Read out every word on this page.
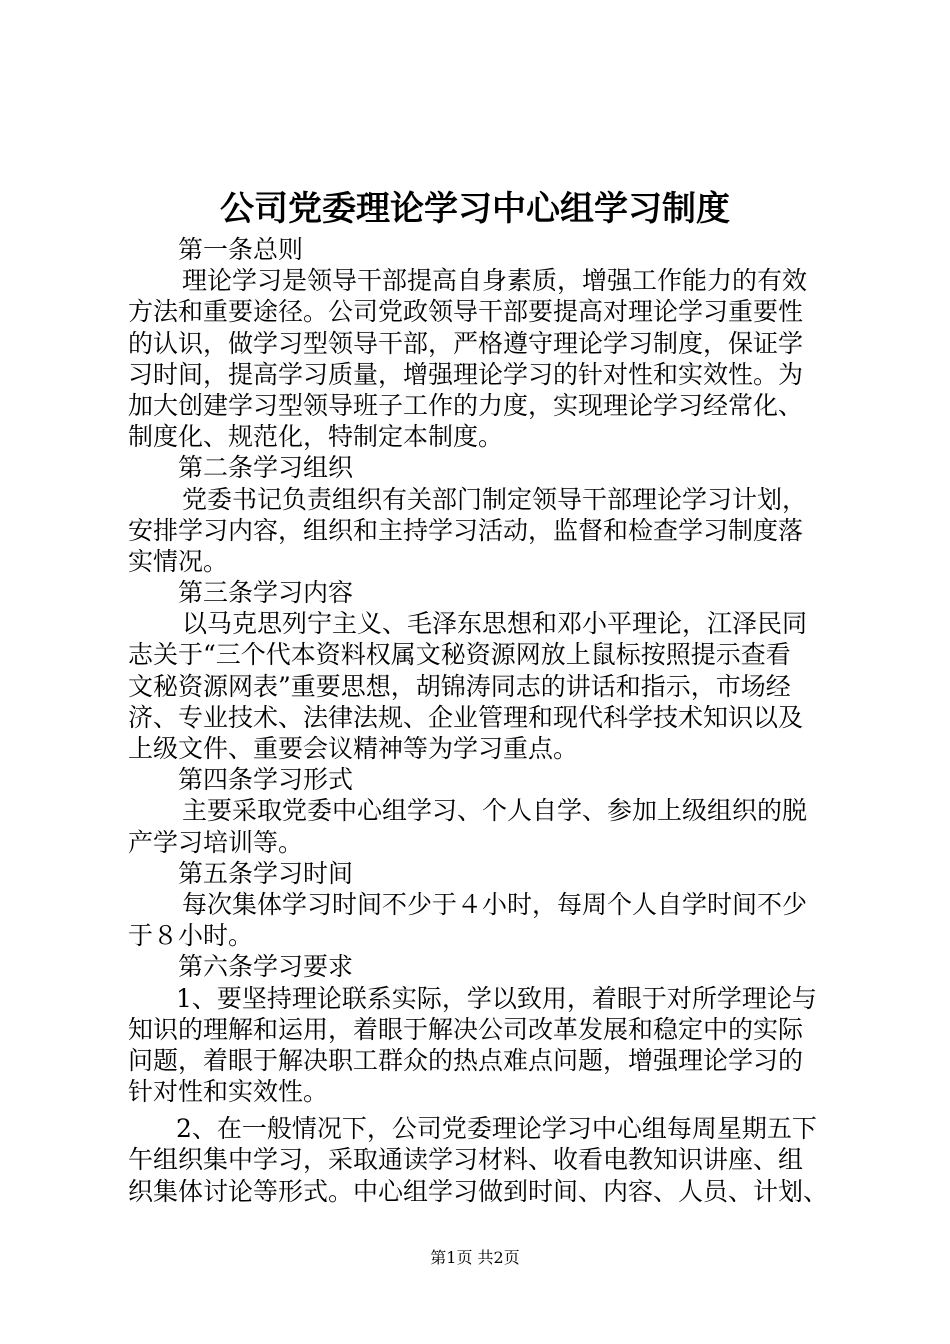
公司党委理论学习中心组学习制度
第一条总则
理论学习是领导干部提高自身素质，增强工作能力的有效
方法和重要途径。公司党政领导干部要提高对理论学习重要性
的认识，做学习型领导干部，严格遵守理论学习制度，保证学
习时间，提高学习质量，增强理论学习的针对性和实效性。为
加大创建学习型领导班子工作的力度，实现理论学习经常化、
制度化、规范化，特制定本制度。
第二条学习组织
党委书记负责组织有关部门制定领导干部理论学习计划，
安排学习内容，组织和主持学习活动，监督和检查学习制度落
实情况。
第三条学习内容
以马克思列宁主义、毛泽东思想和邓小平理论，江泽民同
志关于“三个代本资料权属文秘资源网放上鼠标按照提示查看
文秘资源网表”重要思想，胡锦涛同志的讲话和指示，市场经
济、专业技术、法律法规、企业管理和现代科学技术知识以及
上级文件、重要会议精神等为学习重点。
第四条学习形式
主要采取党委中心组学习、个人自学、参加上级组织的脱
产学习培训等。
第五条学习时间
每次集体学习时间不少于４小时，每周个人自学时间不少
于８小时。
第六条学习要求
1、要坚持理论联系实际，学以致用，着眼于对所学理论与
知识的理解和运用，着眼于解决公司改革发展和稳定中的实际
问题，着眼于解决职工群众的热点难点问题，增强理论学习的
针对性和实效性。
2、在一般情况下，公司党委理论学习中心组每周星期五下
午组织集中学习，采取通读学习材料、收看电教知识讲座、组
织集体讨论等形式。中心组学习做到时间、内容、人员、计划、
第1页 共2页
